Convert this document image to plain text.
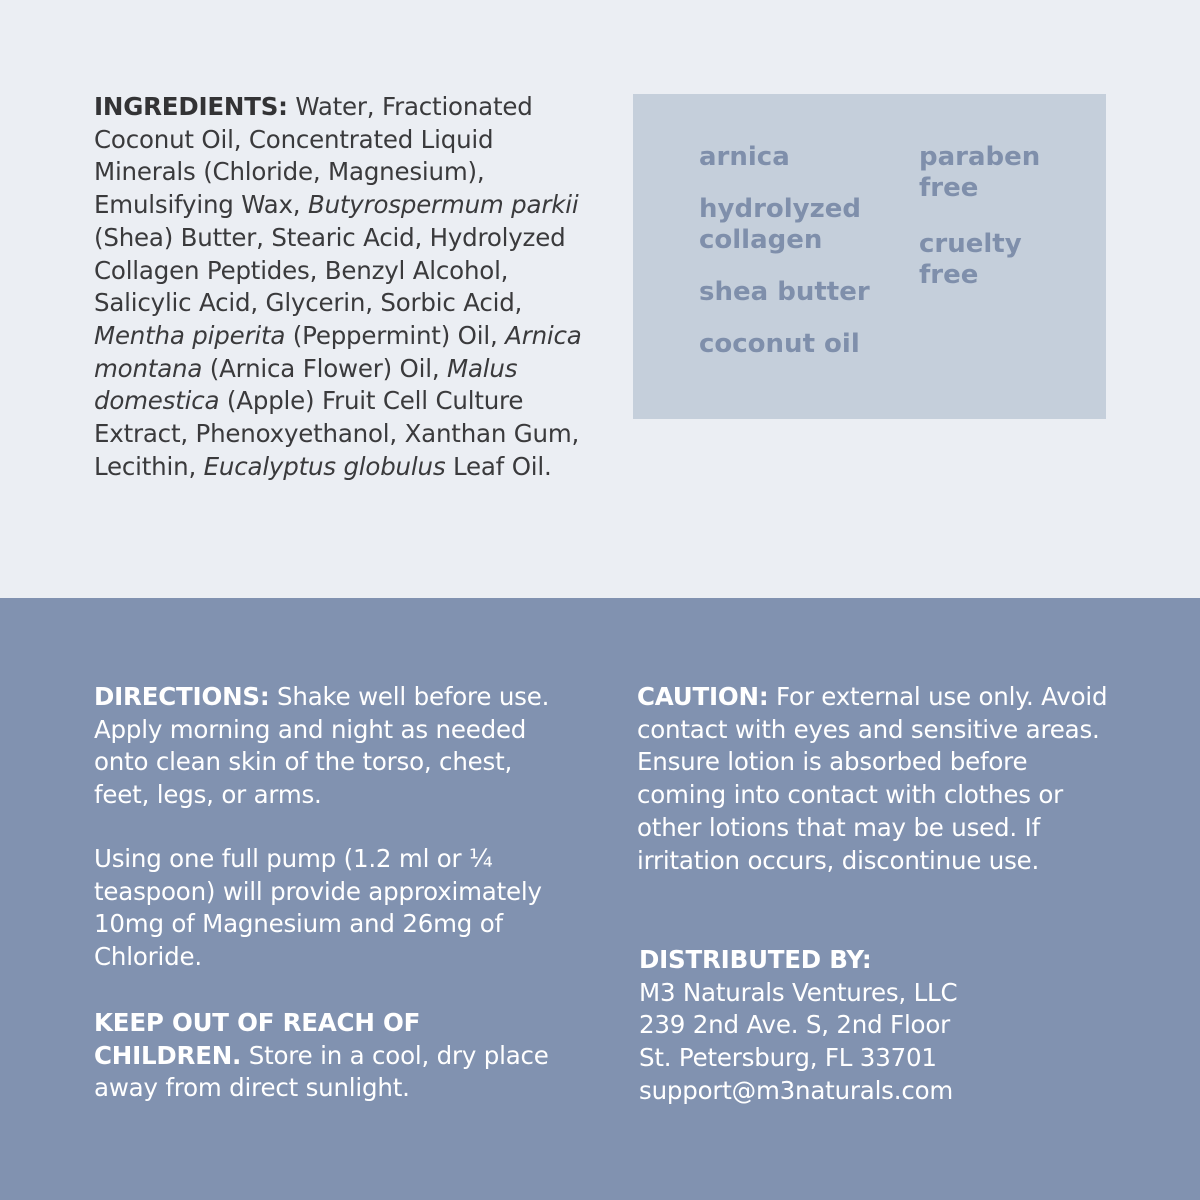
INGREDIENTS: Water, Fractionated Coconut Oil, Concentrated Liquid Minerals (Chloride, Magnesium), Emulsifying Wax, Butyrospermum parkii (Shea) Butter, Stearic Acid, Hydrolyzed Collagen Peptides, Benzyl Alcohol, Salicylic Acid, Glycerin, Sorbic Acid, Mentha piperita (Peppermint) Oil, Arnica montana (Arnica Flower) Oil, Malus domestica (Apple) Fruit Cell Culture Extract, Phenoxyethanol, Xanthan Gum, Lecithin, Eucalyptus globulus Leaf Oil.
arnica
hydrolyzed collagen
shea butter
coconut oil
paraben free
cruelty free
DIRECTIONS: Shake well before use. Apply morning and night as needed onto clean skin of the torso, chest, feet, legs, or arms.
Using one full pump (1.2 ml or ¼ teaspoon) will provide approximately 10mg of Magnesium and 26mg of Chloride.
KEEP OUT OF REACH OF CHILDREN. Store in a cool, dry place away from direct sunlight.
CAUTION: For external use only. Avoid contact with eyes and sensitive areas. Ensure lotion is absorbed before coming into contact with clothes or other lotions that may be used. If irritation occurs, discontinue use.
DISTRIBUTED BY:
M3 Naturals Ventures, LLC
239 2nd Ave. S, 2nd Floor
St. Petersburg, FL 33701
support@m3naturals.com
